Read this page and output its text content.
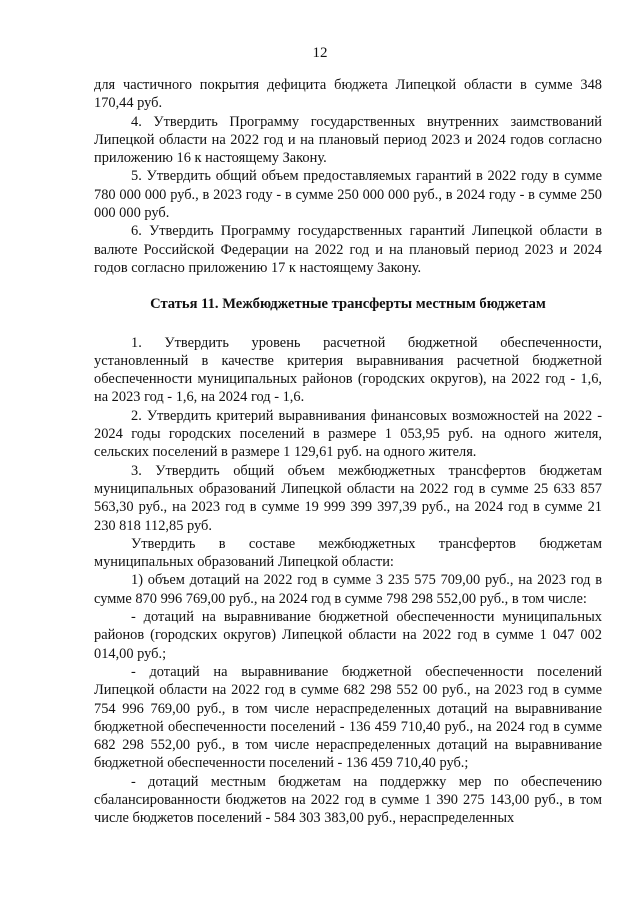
12

для частичного покрытия дефицита бюджета Липецкой области в сумме 348 170,44 руб.

4. Утвердить Программу государственных внутренних заимствований Липецкой области на 2022 год и на плановый период 2023 и 2024 годов согласно приложению 16 к настоящему Закону.

5. Утвердить общий объем предоставляемых гарантий в 2022 году в сумме 780 000 000 руб., в 2023 году - в сумме 250 000 000 руб., в 2024 году - в сумме 250 000 000 руб.

6. Утвердить Программу государственных гарантий Липецкой области в валюте Российской Федерации на 2022 год и на плановый период 2023 и 2024 годов согласно приложению 17 к настоящему Закону.

Статья 11. Межбюджетные трансферты местным бюджетам

1. Утвердить уровень расчетной бюджетной обеспеченности, установленный в качестве критерия выравнивания расчетной бюджетной обеспеченности муниципальных районов (городских округов), на 2022 год - 1,6, на 2023 год - 1,6, на 2024 год - 1,6.

2. Утвердить критерий выравнивания финансовых возможностей на 2022 - 2024 годы городских поселений в размере 1 053,95 руб. на одного жителя, сельских поселений в размере 1 129,61 руб. на одного жителя.

3. Утвердить общий объем межбюджетных трансфертов бюджетам муниципальных образований Липецкой области на 2022 год в сумме 25 633 857 563,30 руб., на 2023 год в сумме 19 999 399 397,39 руб., на 2024 год в сумме 21 230 818 112,85 руб.

Утвердить в составе межбюджетных трансфертов бюджетам муниципальных образований Липецкой области:

1) объем дотаций на 2022 год в сумме 3 235 575 709,00 руб., на 2023 год в сумме 870 996 769,00 руб., на 2024 год в сумме 798 298 552,00 руб., в том числе:

- дотаций на выравнивание бюджетной обеспеченности муниципальных районов (городских округов) Липецкой области на 2022 год в сумме 1 047 002 014,00 руб.;

- дотаций на выравнивание бюджетной обеспеченности поселений Липецкой области на 2022 год в сумме 682 298 552 00 руб., на 2023 год в сумме 754 996 769,00 руб., в том числе нераспределенных дотаций на выравнивание бюджетной обеспеченности поселений - 136 459 710,40 руб., на 2024 год в сумме 682 298 552,00 руб., в том числе нераспределенных дотаций на выравнивание бюджетной обеспеченности поселений - 136 459 710,40 руб.;

- дотаций местным бюджетам на поддержку мер по обеспечению сбалансированности бюджетов на 2022 год в сумме 1 390 275 143,00 руб., в том числе бюджетов поселений - 584 303 383,00 руб., нераспределенных
